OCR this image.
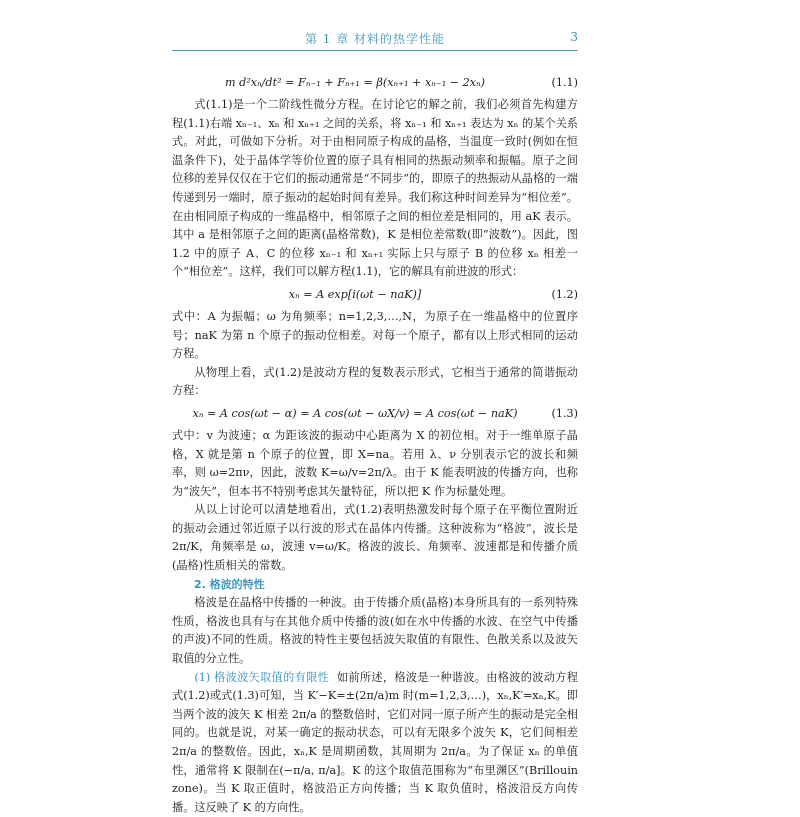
第 1 章 材料的热学性能	3
m d²xₙ/dt² = Fₙ₋₁ + Fₙ₊₁ = β(xₙ₊₁ + xₙ₋₁ − 2xₙ)	(1.1)

式(1.1)是一个二阶线性微分方程。在讨论它的解之前，我们必须首先构建方程(1.1)右端 xₙ₋₁、xₙ 和 xₙ₊₁ 之间的关系，将 xₙ₋₁ 和 xₙ₊₁ 表达为 xₙ 的某个关系式。对此，可做如下分析。对于由相同原子构成的晶格，当温度一致时(例如在恒温条件下)，处于晶体学等价位置的原子具有相同的热振动频率和振幅。原子之间位移的差异仅仅在于它们的振动通常是“不同步”的，即原子的热振动从晶格的一端传递到另一端时，原子振动的起始时间有差异。我们称这种时间差异为“相位差”。在由相同原子构成的一维晶格中，相邻原子之间的相位差是相同的，用 aK 表示。其中 a 是相邻原子之间的距离(晶格常数)，K 是相位差常数(即“波数”)。因此，图 1.2 中的原子 A、C 的位移 xₙ₋₁ 和 xₙ₊₁ 实际上只与原子 B 的位移 xₙ 相差一个“相位差”。这样，我们可以解方程(1.1)，它的解具有前进波的形式：

xₙ = A exp[i(ωt − naK)]	(1.2)

式中：A 为振幅；ω 为角频率；n=1,2,3,…,N，为原子在一维晶格中的位置序号；naK 为第 n 个原子的振动位相差。对每一个原子，都有以上形式相同的运动方程。

从物理上看，式(1.2)是波动方程的复数表示形式，它相当于通常的简谐振动方程：

xₙ = A cos(ωt − α) = A cos(ωt − ωX/v) = A cos(ωt − naK)	(1.3)

式中：v 为波速；α 为距该波的振动中心距离为 X 的初位相。对于一维单原子晶格，X 就是第 n 个原子的位置，即 X=na。若用 λ、ν 分别表示它的波长和频率，则 ω=2πν，因此，波数 K=ω/v=2π/λ。由于 K 能表明波的传播方向，也称为“波矢”，但本书不特别考虑其矢量特征，所以把 K 作为标量处理。

从以上讨论可以清楚地看出，式(1.2)表明热激发时每个原子在平衡位置附近的振动会通过邻近原子以行波的形式在晶体内传播。这种波称为“格波”，波长是 2π/K，角频率是 ω，波速 v=ω/K。格波的波长、角频率、波速都是和传播介质(晶格)性质相关的常数。

2. 格波的特性

格波是在晶格中传播的一种波。由于传播介质(晶格)本身所具有的一系列特殊性质，格波也具有与在其他介质中传播的波(如在水中传播的水波、在空气中传播的声波)不同的性质。格波的特性主要包括波矢取值的有限性、色散关系以及波矢取值的分立性。

(1) 格波波矢取值的有限性 如前所述，格波是一种谐波。由格波的波动方程式(1.2)或式(1.3)可知，当 K′−K=±(2π/a)m 时(m=1,2,3,…)，xₙ,K′=xₙ,K。即当两个波的波矢 K 相差 2π/a 的整数倍时，它们对同一原子所产生的振动是完全相同的。也就是说，对某一确定的振动状态，可以有无限多个波矢 K，它们间相差 2π/a 的整数倍。因此，xₙ,K 是周期函数，其周期为 2π/a。为了保证 xₙ 的单值性，通常将 K 限制在(−π/a, π/a]。K 的这个取值范围称为“布里渊区”(Brillouin zone)。当 K 取正值时，格波沿正方向传播；当 K 取负值时，格波沿反方向传播。这反映了 K 的方向性。
